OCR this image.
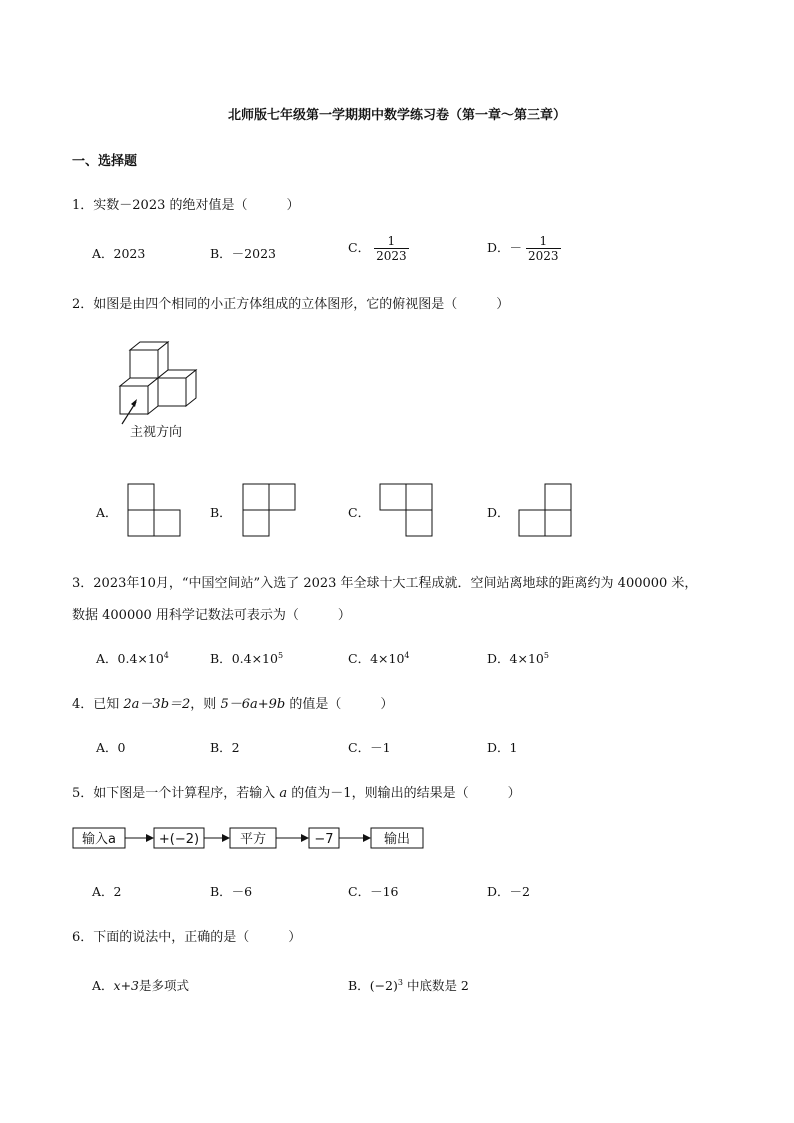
北师版七年级第一学期期中数学练习卷（第一章～第三章）
一、选择题
1．实数－2023 的绝对值是（　　　）
A．2023	B．－2023	C． $\frac{1}{2023}$	D．－ $\frac{1}{2023}$
2．如图是由四个相同的小正方体组成的立体图形，它的俯视图是（　　　）
主视方向
A．	B．	C．	D．
3．2023年10月，“中国空间站”入选了 2023 年全球十大工程成就．空间站离地球的距离约为 400000 米，
数据 400000 用科学记数法可表示为（　　　）
A．$0.4\times 10^4$	B．$0.4\times 10^5$	C．$4\times 10^4$	D．$4\times 10^5$
4．已知 2a－3b＝2，则 5－6a+9b 的值是（　　　）
A．0	B．2	C．－1	D．1
5．如下图是一个计算程序，若输入 a 的值为－1，则输出的结果是（　　　）
输入a	+(−2)	平方	−7	输出
A．2	B．－6	C．－16	D．－2
6．下面的说法中，正确的是（　　　）
A．x+3是多项式	B．$(-2)^3$ 中底数是 2
